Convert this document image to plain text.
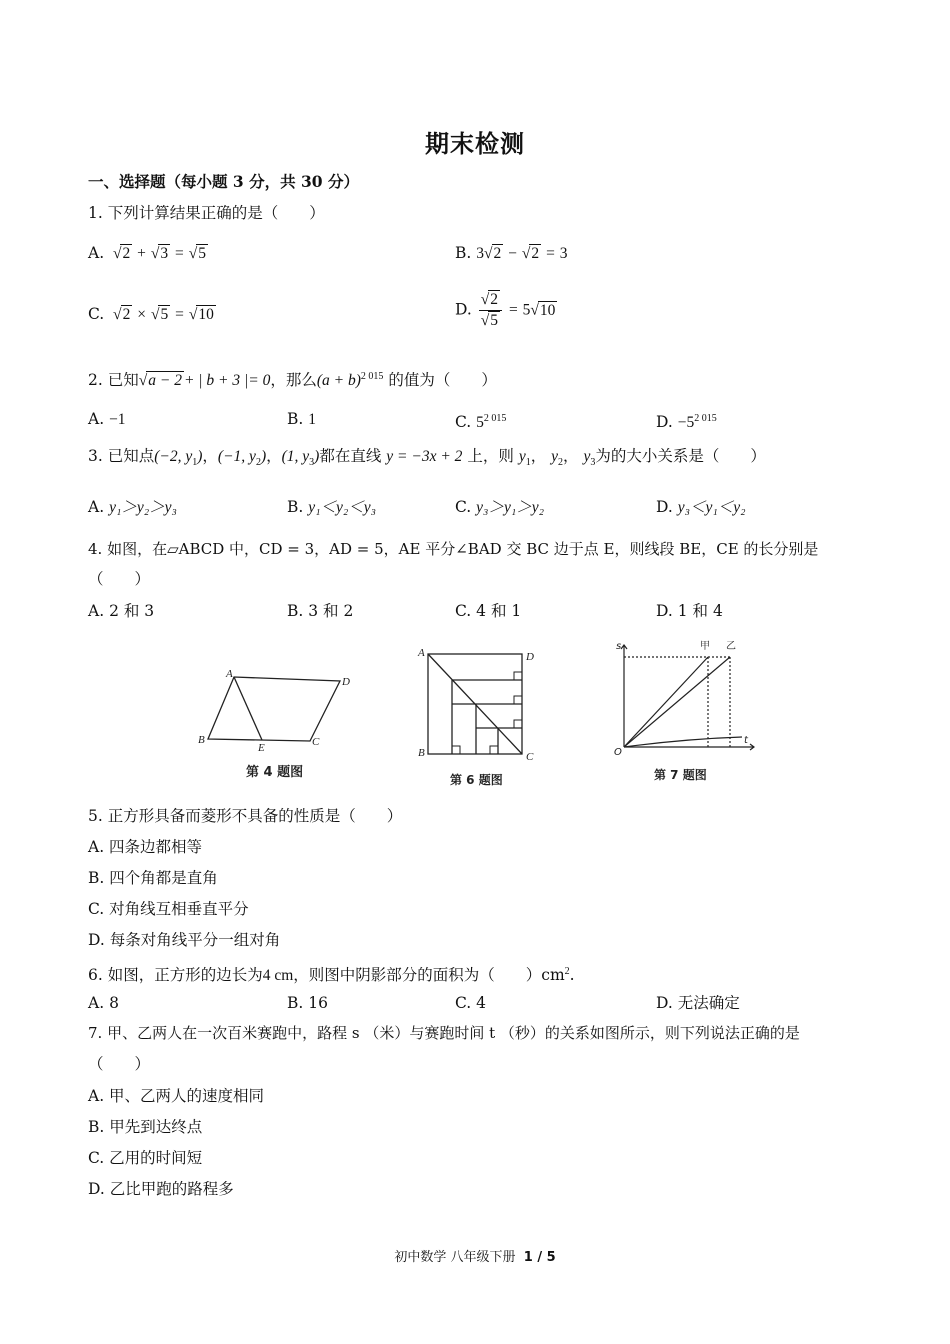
期末检测
一、选择题（每小题 3 分，共 30 分）
1. 下列计算结果正确的是（　　）
A.  √2 + √3 = √5	B. 3√2 − √2 = 3
C.  √2 × √5 = √10	D. $\frac{√2}{√5} = 5√10$
2. 已知√a − 2 + | b + 3 |= 0，那么$(a + b)^{2 015}$ 的值为（　　）
A. −1	B. 1	C. $5^{2 015}$	D. $-5^{2 015}$
3. 已知点(−2, $y_1$)，(−1, $y_2$)，(1, $y_3$)都在直线 y = −3x + 2 上，则 $y_1$， $y_2$， $y_3$为的大小关系是（　　）
A. y₁＞y₂＞y₃	B. y₁＜y₂＜y₃	C. y₃＞y₁＞y₂	D. y₃＜y₁＜y₂
4. 如图，在▱ABCD 中，CD = 3，AD = 5，AE 平分∠BAD 交 BC 边于点 E，则线段 BE，CE 的长分别是
（　　）
A. 2 和 3	B. 3 和 2	C. 4 和 1	D. 1 和 4
A
D
B
E	C
第 4 题图
A	D
B	C
第 6 题图
s	甲 乙
O
t
第 7 题图
5. 正方形具备而菱形不具备的性质是（　　）
A. 四条边都相等
B. 四个角都是直角
C. 对角线互相垂直平分
D. 每条对角线平分一组对角
6. 如图，正方形的边长为4 cm，则图中阴影部分的面积为（　　）$cm^2$.
A. 8	B. 16	C. 4	D. 无法确定
7. 甲、乙两人在一次百米赛跑中，路程 s （米）与赛跑时间 t （秒）的关系如图所示，则下列说法正确的是
（　　）
A. 甲、乙两人的速度相同
B. 甲先到达终点
C. 乙用的时间短
D. 乙比甲跑的路程多
初中数学 八年级下册 1 / 5
